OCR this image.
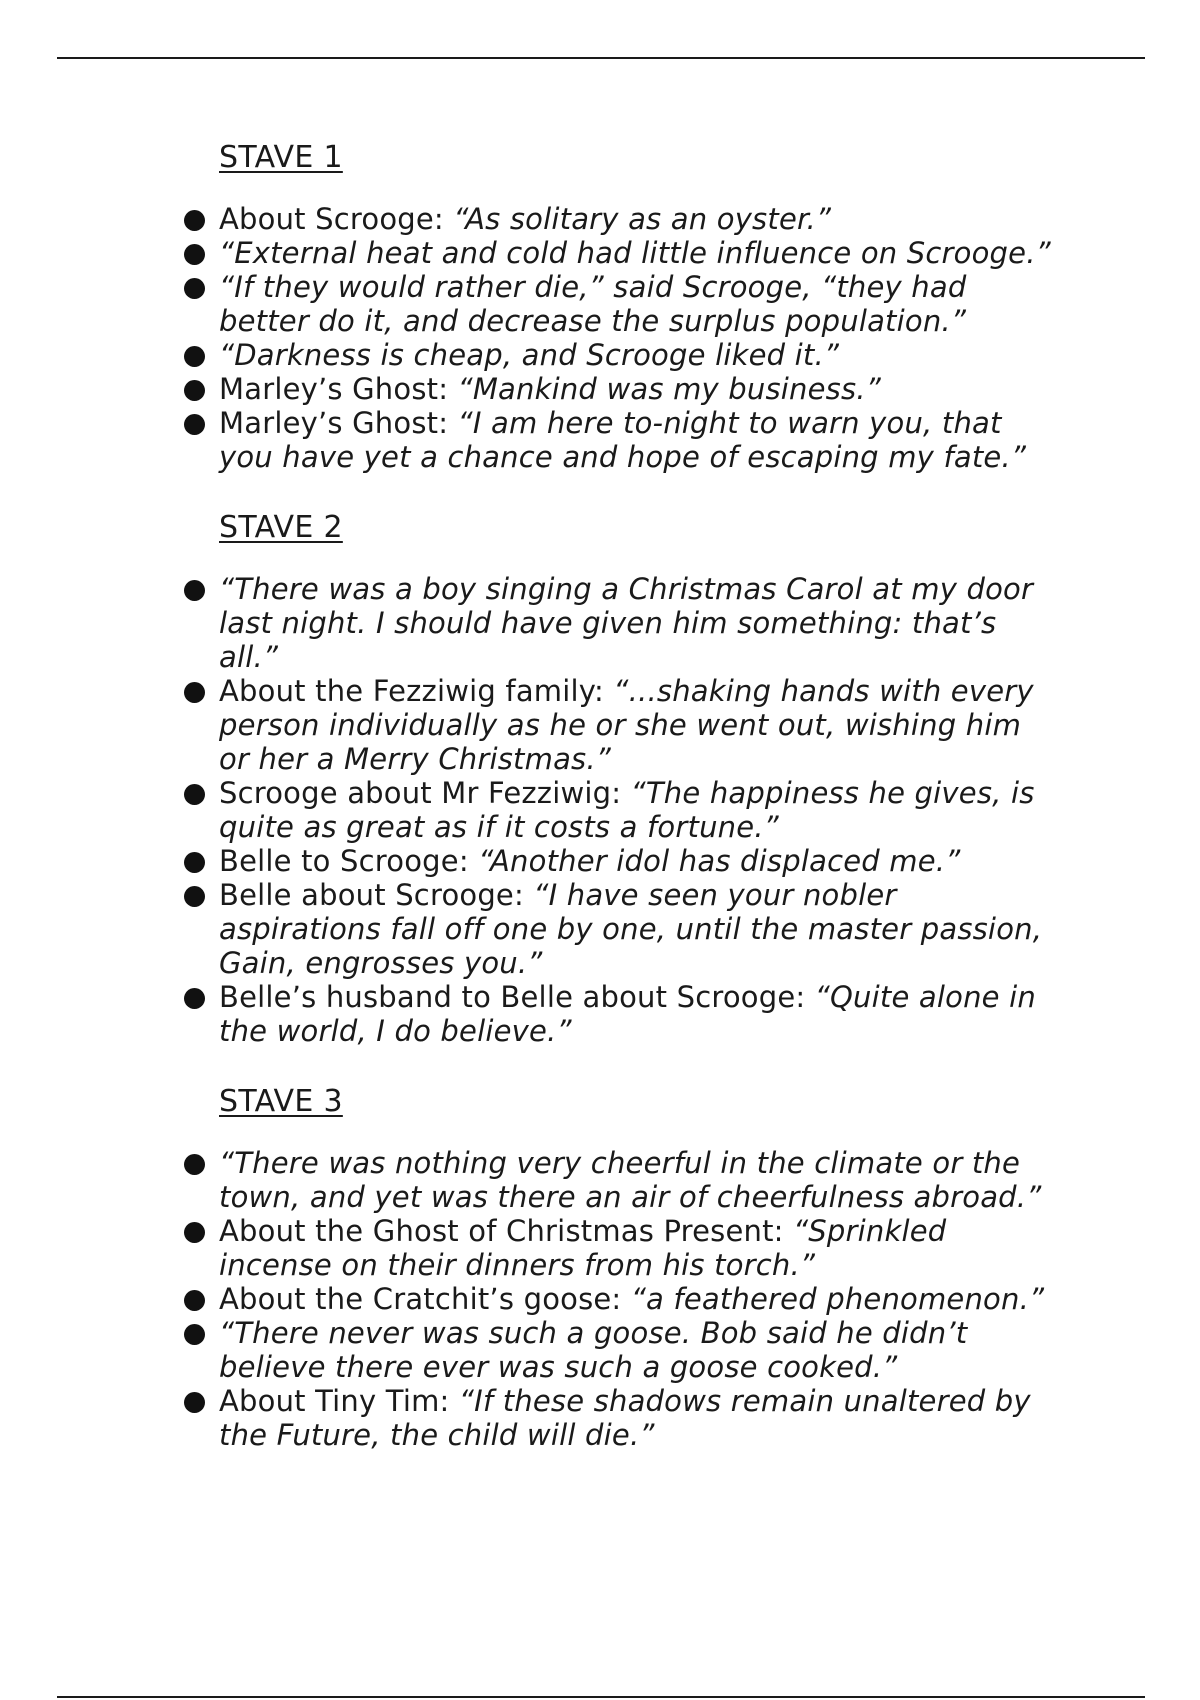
STAVE 1
About Scrooge: “As solitary as an oyster.”
“External heat and cold had little influence on Scrooge.”
“If they would rather die,” said Scrooge, “they had better do it, and decrease the surplus population.”
“Darkness is cheap, and Scrooge liked it.”
Marley’s Ghost: “Mankind was my business.”
Marley’s Ghost: “I am here to-night to warn you, that you have yet a chance and hope of escaping my fate.”
STAVE 2
“There was a boy singing a Christmas Carol at my door last night. I should have given him something: that’s all.”
About the Fezziwig family: “...shaking hands with every person individually as he or she went out, wishing him or her a Merry Christmas.”
Scrooge about Mr Fezziwig: “The happiness he gives, is quite as great as if it costs a fortune.”
Belle to Scrooge: “Another idol has displaced me.”
Belle about Scrooge: “I have seen your nobler aspirations fall off one by one, until the master passion, Gain, engrosses you.”
Belle’s husband to Belle about Scrooge: “Quite alone in the world, I do believe.”
STAVE 3
“There was nothing very cheerful in the climate or the town, and yet was there an air of cheerfulness abroad.”
About the Ghost of Christmas Present: “Sprinkled incense on their dinners from his torch.”
About the Cratchit’s goose: “a feathered phenomenon.”
“There never was such a goose. Bob said he didn’t believe there ever was such a goose cooked.”
About Tiny Tim: “If these shadows remain unaltered by the Future, the child will die.”
